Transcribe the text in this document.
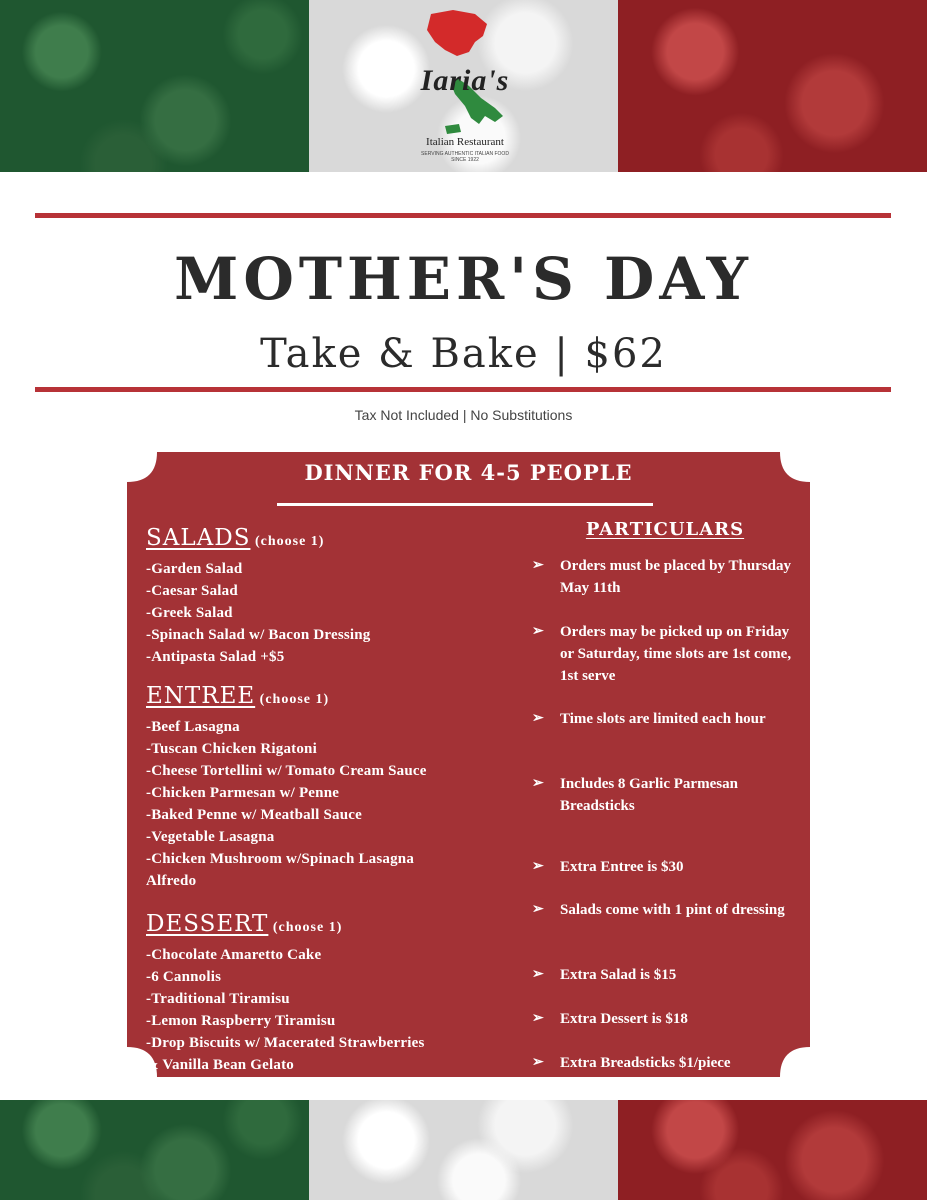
Iaria's
Italian Restaurant
SERVING AUTHENTIC ITALIAN FOOD SINCE 1922
MOTHER'S DAY
Take & Bake | $62
Tax Not Included | No Substitutions
DINNER FOR 4-5 PEOPLE
SALADS (choose 1)
-Garden Salad
-Caesar Salad
-Greek Salad
-Spinach Salad w/ Bacon Dressing
-Antipasta Salad +$5
ENTREE (choose 1)
-Beef Lasagna
-Tuscan Chicken Rigatoni
-Cheese Tortellini w/ Tomato Cream Sauce
-Chicken Parmesan w/ Penne
-Baked Penne w/ Meatball Sauce
-Vegetable Lasagna
-Chicken Mushroom w/Spinach Lasagna
Alfredo
DESSERT (choose 1)
-Chocolate Amaretto Cake
-6 Cannolis
-Traditional Tiramisu
-Lemon Raspberry Tiramisu
-Drop Biscuits w/ Macerated Strawberries
& Vanilla Bean Gelato
PARTICULARS
➢	Orders must be placed by Thursday May 11th
➢	Orders may be picked up on Friday or Saturday, time slots are 1st come, 1st serve
➢	Time slots are limited each hour
➢	Includes 8 Garlic Parmesan Breadsticks
➢	Extra Entree is $30
➢	Salads come with 1 pint of dressing
➢	Extra Salad is $15
➢	Extra Dessert is $18
➢	Extra Breadsticks $1/piece
